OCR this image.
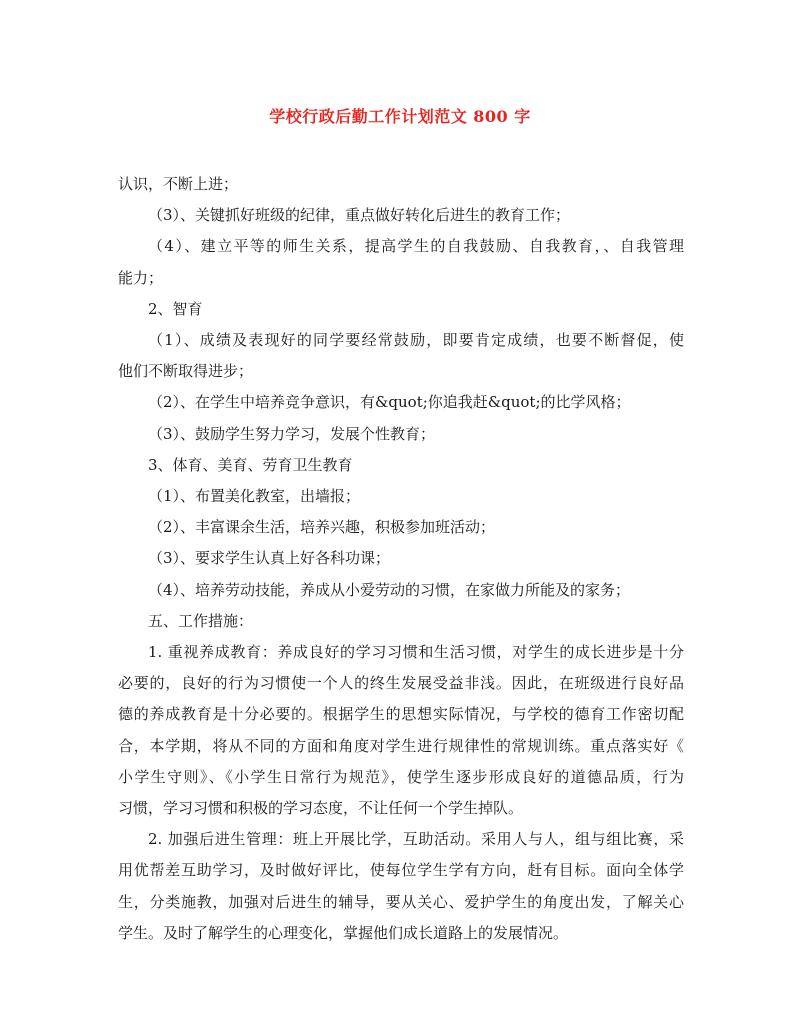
学校行政后勤工作计划范文 800 字
认识，不断上进；
（3）、关键抓好班级的纪律，重点做好转化后进生的教育工作；
（4）、建立平等的师生关系，提高学生的自我鼓励、自我教育，、自我管理
能力；
2、智育
（1）、成绩及表现好的同学要经常鼓励，即要肯定成绩，也要不断督促，使
他们不断取得进步；
（2）、在学生中培养竞争意识，有&quot;你追我赶&quot;的比学风格；
（3）、鼓励学生努力学习，发展个性教育；
3、体育、美育、劳育卫生教育
（1）、布置美化教室，出墙报；
（2）、丰富课余生活，培养兴趣，积极参加班活动；
（3）、要求学生认真上好各科功课；
（4）、培养劳动技能，养成从小爱劳动的习惯，在家做力所能及的家务；
五、工作措施：
1. 重视养成教育：养成良好的学习习惯和生活习惯，对学生的成长进步是十分
必要的，良好的行为习惯使一个人的终生发展受益非浅。因此，在班级进行良好品
德的养成教育是十分必要的。根据学生的思想实际情况，与学校的德育工作密切配
合，本学期，将从不同的方面和角度对学生进行规律性的常规训练。重点落实好《
小学生守则》、《小学生日常行为规范》，使学生逐步形成良好的道德品质，行为
习惯，学习习惯和积极的学习态度，不让任何一个学生掉队。
2. 加强后进生管理：班上开展比学，互助活动。采用人与人，组与组比赛，采
用优帮差互助学习，及时做好评比，使每位学生学有方向，赶有目标。面向全体学
生，分类施教，加强对后进生的辅导，要从关心、爱护学生的角度出发，了解关心
学生。及时了解学生的心理变化，掌握他们成长道路上的发展情况。
